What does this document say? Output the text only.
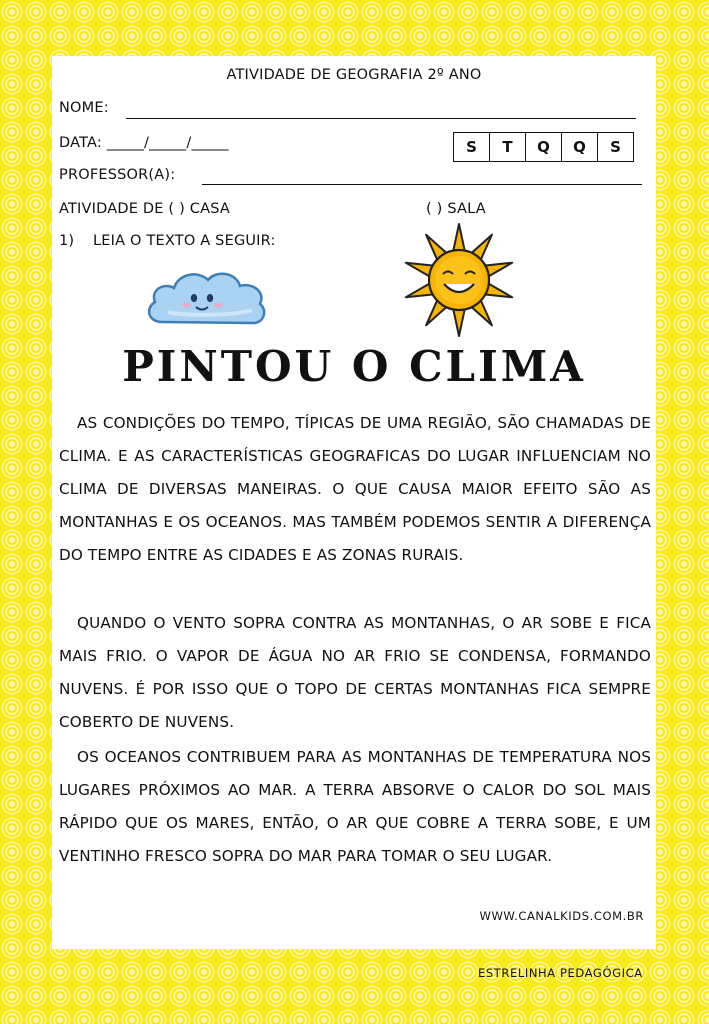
ATIVIDADE DE GEOGRAFIA 2º ANO
NOME:
DATA: _____/_____/_____	S	T	Q	Q	S
PROFESSOR(A):
ATIVIDADE DE ( ) CASA	( ) SALA
1) LEIA O TEXTO A SEGUIR:
PINTOU O CLIMA
AS CONDIÇÕES DO TEMPO, TÍPICAS DE UMA REGIÃO, SÃO CHAMADAS DE CLIMA. E AS CARACTERÍSTICAS GEOGRAFICAS DO LUGAR INFLUENCIAM NO CLIMA DE DIVERSAS MANEIRAS. O QUE CAUSA MAIOR EFEITO SÃO AS MONTANHAS E OS OCEANOS. MAS TAMBÉM PODEMOS SENTIR A DIFERENÇA DO TEMPO ENTRE AS CIDADES E AS ZONAS RURAIS.
QUANDO O VENTO SOPRA CONTRA AS MONTANHAS, O AR SOBE E FICA MAIS FRIO. O VAPOR DE ÁGUA NO AR FRIO SE CONDENSA, FORMANDO NUVENS. É POR ISSO QUE O TOPO DE CERTAS MONTANHAS FICA SEMPRE COBERTO DE NUVENS.
OS OCEANOS CONTRIBUEM PARA AS MONTANHAS DE TEMPERATURA NOS LUGARES PRÓXIMOS AO MAR. A TERRA ABSORVE O CALOR DO SOL MAIS RÁPIDO QUE OS MARES, ENTÃO, O AR QUE COBRE A TERRA SOBE, E UM VENTINHO FRESCO SOPRA DO MAR PARA TOMAR O SEU LUGAR.
WWW.CANALKIDS.COM.BR
ESTRELINHA PEDAGÓGICA
